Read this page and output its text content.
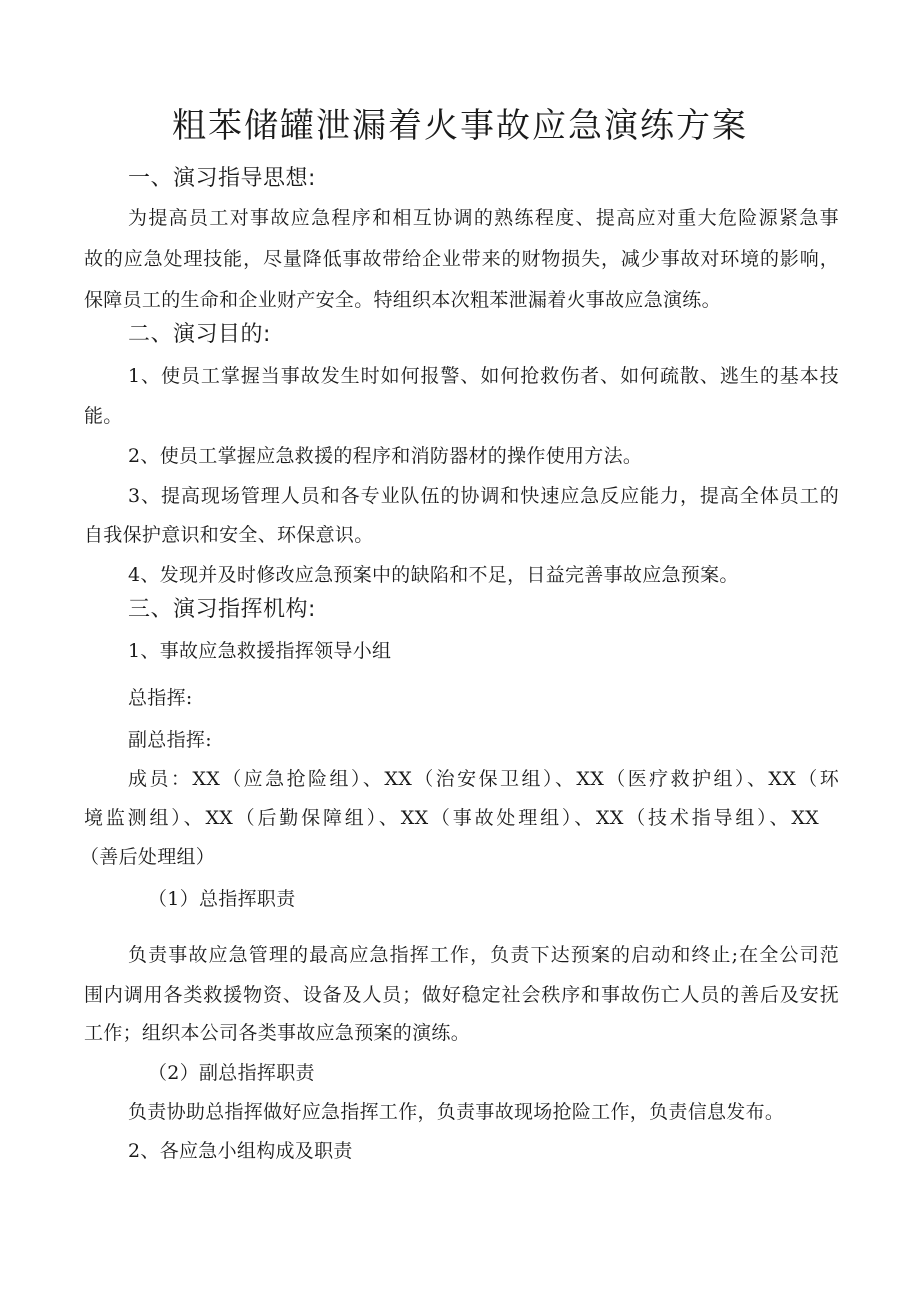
粗苯储罐泄漏着火事故应急演练方案
一、演习指导思想:
为提高员工对事故应急程序和相互协调的熟练程度、提高应对重大危险源紧急事
故的应急处理技能，尽量降低事故带给企业带来的财物损失，减少事故对环境的影响，
保障员工的生命和企业财产安全。特组织本次粗苯泄漏着火事故应急演练。
二、演习目的:
1、使员工掌握当事故发生时如何报警、如何抢救伤者、如何疏散、逃生的基本技
能。
2、使员工掌握应急救援的程序和消防器材的操作使用方法。
3、提高现场管理人员和各专业队伍的协调和快速应急反应能力，提高全体员工的
自我保护意识和安全、环保意识。
4、发现并及时修改应急预案中的缺陷和不足，日益完善事故应急预案。
三、演习指挥机构:
1、事故应急救援指挥领导小组
总指挥:
副总指挥:
成员：XX（应急抢险组）、XX（治安保卫组）、XX（医疗救护组）、XX（环
境监测组）、XX（后勤保障组）、XX（事故处理组）、XX（技术指导组）、XX
（善后处理组）
（1）总指挥职责
负责事故应急管理的最高应急指挥工作，负责下达预案的启动和终止;在全公司范
围内调用各类救援物资、设备及人员；做好稳定社会秩序和事故伤亡人员的善后及安抚
工作；组织本公司各类事故应急预案的演练。
（2）副总指挥职责
负责协助总指挥做好应急指挥工作，负责事故现场抢险工作，负责信息发布。
2、各应急小组构成及职责
